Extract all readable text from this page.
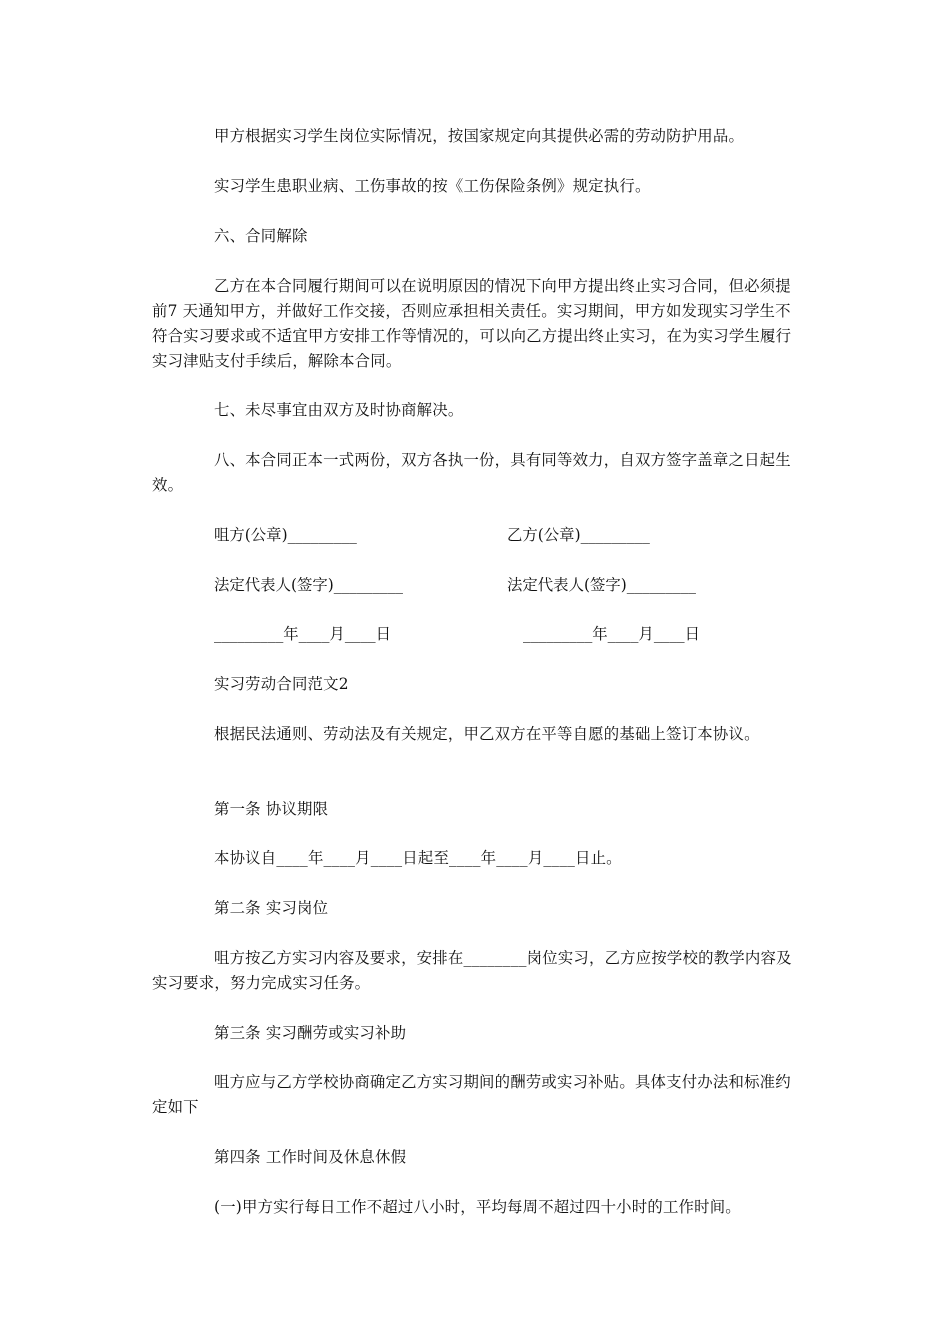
甲方根据实习学生岗位实际情况，按国家规定向其提供必需的劳动防护用品。

实习学生患职业病、工伤事故的按《工伤保险条例》规定执行。

六、合同解除

乙方在本合同履行期间可以在说明原因的情况下向甲方提出终止实习合同，但必须提前7 天通知甲方，并做好工作交接，否则应承担相关责任。实习期间，甲方如发现实习学生不符合实习要求或不适宜甲方安排工作等情况的，可以向乙方提出终止实习，在为实习学生履行实习津贴支付手续后，解除本合同。

七、未尽事宜由双方及时协商解决。

八、本合同正本一式两份，双方各执一份，具有同等效力，自双方签字盖章之日起生效。

咀方(公章)_________	乙方(公章)_________
法定代表人(签字)_________	法定代表人(签字)_________
_________年____月____日	_________年____月____日

实习劳动合同范文2

根据民法通则、劳动法及有关规定，甲乙双方在平等自愿的基础上签订本协议。

第一条 协议期限

本协议自____年____月____日起至____年____月____日止。

第二条 实习岗位

咀方按乙方实习内容及要求，安排在________岗位实习，乙方应按学校的教学内容及实习要求，努力完成实习任务。

第三条 实习酬劳或实习补助

咀方应与乙方学校协商确定乙方实习期间的酬劳或实习补贴。具体支付办法和标准约定如下

第四条 工作时间及休息休假

(一)甲方实行每日工作不超过八小时，平均每周不超过四十小时的工作时间。
